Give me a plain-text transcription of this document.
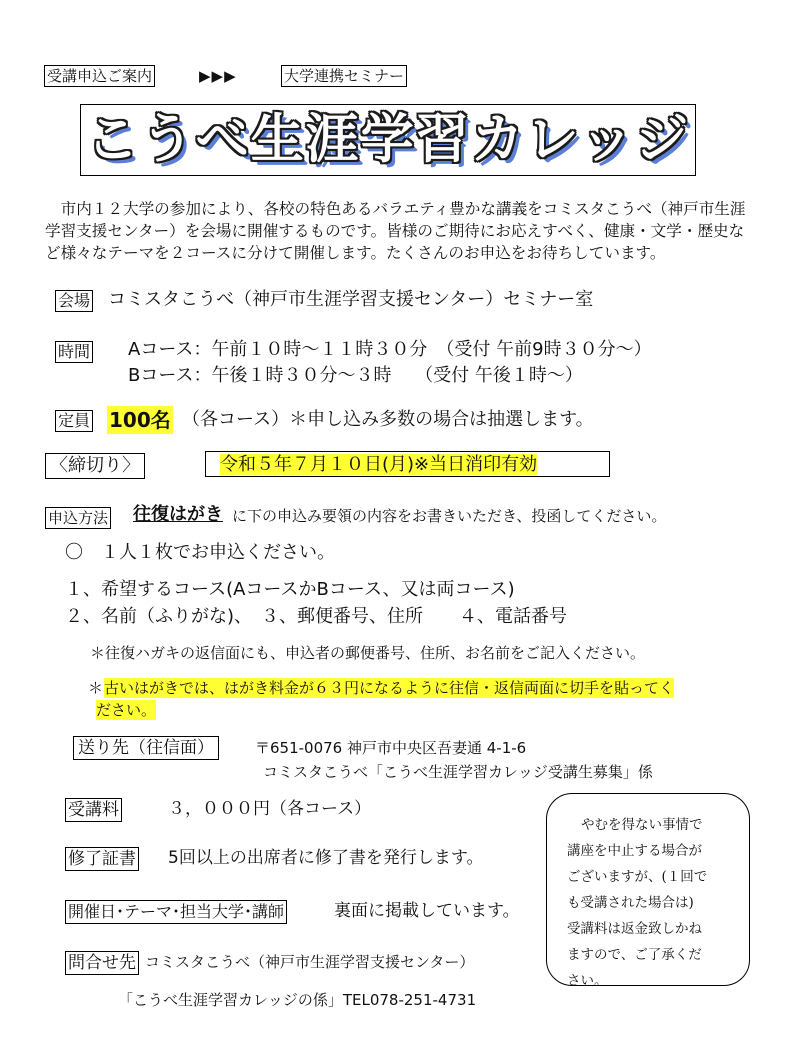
受講申込ご案内	▶▶▶	大学連携セミナー
こうべ生涯学習カレッジ
市内１２大学の参加により、各校の特色あるバラエティ豊かな講義をコミスタこうべ（神戸市生涯学習支援センター）を会場に開催するものです。皆様のご期待にお応えすべく、健康・文学・歴史など様々なテーマを２コースに分けて開催します。たくさんのお申込をお待ちしています。
会場 コミスタこうべ（神戸市生涯学習支援センター）セミナー室
時間 Aコース：午前１０時～１１時３０分　（受付 午前9時３０分～）
Bコース：午後１時３０分～３時　 （受付 午後１時～）
定員 100名 （各コース）＊申し込み多数の場合は抽選します。
〈締切り〉	令和５年７月１０日(月)※当日消印有効
申込方法 往復はがき に下の申込み要領の内容をお書きいただき、投函してください。
〇　１人１枚でお申込ください。
１、希望するコース(AコースかBコース、又は両コース)
２、名前（ふりがな)、　３、郵便番号、住所　　４、電話番号
＊往復ハガキの返信面にも、申込者の郵便番号、住所、お名前をご記入ください。
＊ 古いはがきでは、はがき料金が６３円になるように往信・返信両面に切手を貼ってく
ださい。
送り先（往信面）	〒651-0076 神戸市中央区吾妻通 4-1-6
コミスタこうべ「こうべ生涯学習カレッジ受講生募集」係
受講料	３，０００円（各コース）
修了証書 5回以上の出席者に修了書を発行します。
開催日･テーマ･担当大学･講師	裏面に掲載しています。
問合せ先 コミスタこうべ（神戸市生涯学習支援センター）
「こうべ生涯学習カレッジの係」TEL078-251-4731
やむを得ない事情で
講座を中止する場合が
ございますが、(１回で
も受講された場合は)
受講料は返金致しかね
ますので、ご了承くだ
さい。
